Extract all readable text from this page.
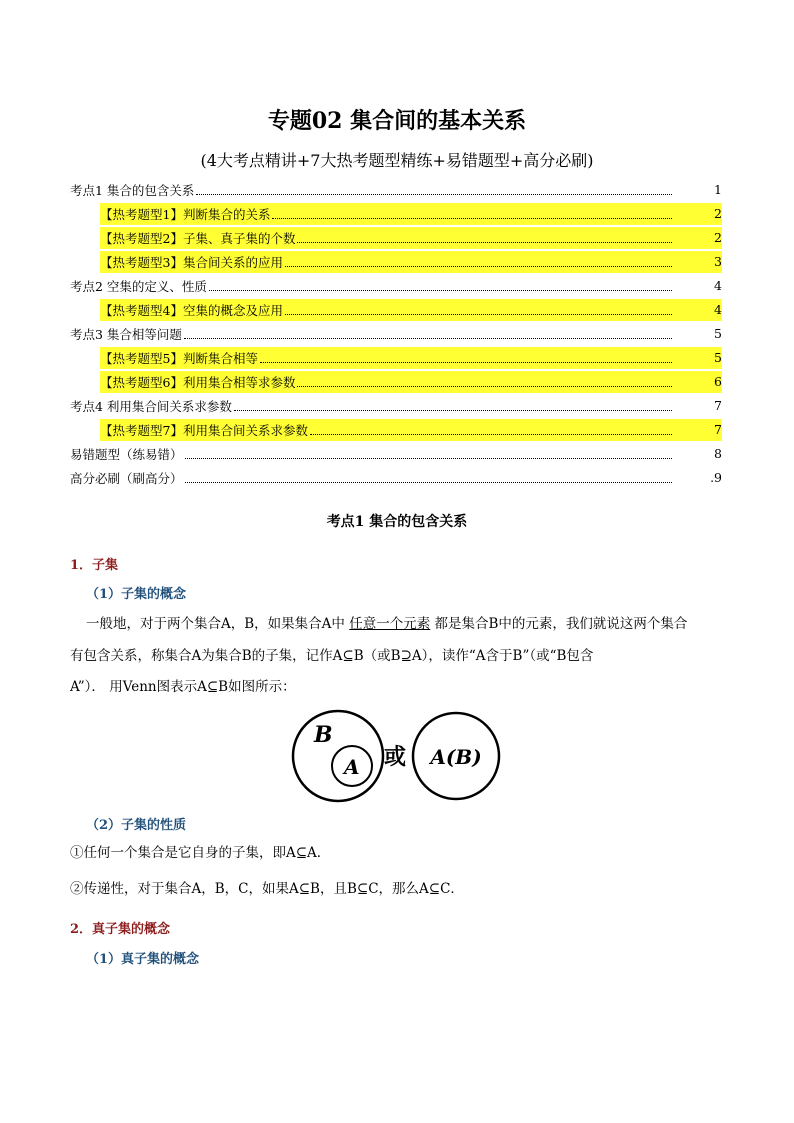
专题02 集合间的基本关系
(4大考点精讲+7大热考题型精练+易错题型+高分必刷)
考点1 集合的包含关系	1
【热考题型1】判断集合的关系	2
【热考题型2】子集、真子集的个数	2
【热考题型3】集合间关系的应用	3
考点2 空集的定义、性质	4
【热考题型4】空集的概念及应用	4
考点3 集合相等问题	5
【热考题型5】判断集合相等	5
【热考题型6】利用集合相等求参数	6
考点4 利用集合间关系求参数	7
【热考题型7】利用集合间关系求参数	7
易错题型（练易错）	8
高分必刷（刷高分）	.9
考点1 集合的包含关系
1．子集
（1）子集的概念
一般地，对于两个集合A，B，如果集合A中 任意一个元素 都是集合B中的元素，我们就说这两个集合
有包含关系，称集合A为集合B的子集，记作A⊆B（或B⊇A），读作“A含于B”（或“B包含
A”）． 用Venn图表示A⊆B如图所示：
B
A 或 A(B)
（2）子集的性质
①任何一个集合是它自身的子集，即A⊆A．
②传递性，对于集合A，B，C，如果A⊆B，且B⊆C，那么A⊆C．
2．真子集的概念
（1）真子集的概念
